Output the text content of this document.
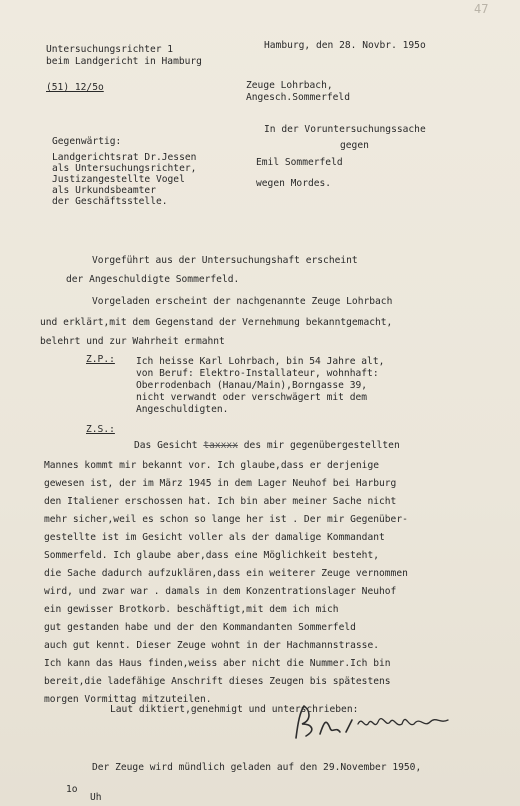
47
Untersuchungsrichter 1
beim Landgericht in Hamburg
(51) 12/5o
Hamburg, den 28. Novbr. 195o
Zeuge Lohrbach,
Angesch.Sommerfeld
Gegenwärtig:
Landgerichtsrat Dr.Jessen
als Untersuchungsrichter,
Justizangestellte Vogel
als Urkundsbeamter
der Geschäftsstelle.
In der Voruntersuchungssache
gegen
Emil Sommerfeld
wegen Mordes.
Vorgeführt aus der Untersuchungshaft erscheint
der Angeschuldigte Sommerfeld.
Vorgeladen erscheint der nachgenannte Zeuge Lohrbach
und erklärt,mit dem Gegenstand der Vernehmung bekanntgemacht,
belehrt und zur Wahrheit ermahnt
Z.P.: Ich heisse Karl Lohrbach, bin 54 Jahre alt,
von Beruf: Elektro-Installateur, wohnhaft:
Oberrodenbach (Hanau/Main),Borngasse 39,
nicht verwandt oder verschwägert mit dem
Angeschuldigten.
Z.S.:
Das Gesicht taxxxx des mir gegenübergestellten
Mannes kommt mir bekannt vor. Ich glaube,dass er derjenige
gewesen ist, der im März 1945 in dem Lager Neuhof bei Harburg
den Italiener erschossen hat. Ich bin aber meiner Sache nicht
mehr sicher,weil es schon so lange her ist . Der mir Gegenüber-
gestellte ist im Gesicht voller als der damalige Kommandant
Sommerfeld. Ich glaube aber,dass eine Möglichkeit besteht,
die Sache dadurch aufzuklären,dass ein weiterer Zeuge vernommen
wird, und zwar war . damals in dem Konzentrationslager Neuhof
ein gewisser Brotkorb. beschäftigt,mit dem ich mich
gut gestanden habe und der den Kommandanten Sommerfeld
auch gut kennt. Dieser Zeuge wohnt in der Hachmannstrasse.
Ich kann das Haus finden,weiss aber nicht die Nummer.Ich bin
bereit,die ladefähige Anschrift dieses Zeugen bis spätestens
morgen Vormittag mitzuteilen.
Laut diktiert,genehmigt und unterschrieben:
Der Zeuge wird mündlich geladen auf den 29.November 1950,
1o
Uh
